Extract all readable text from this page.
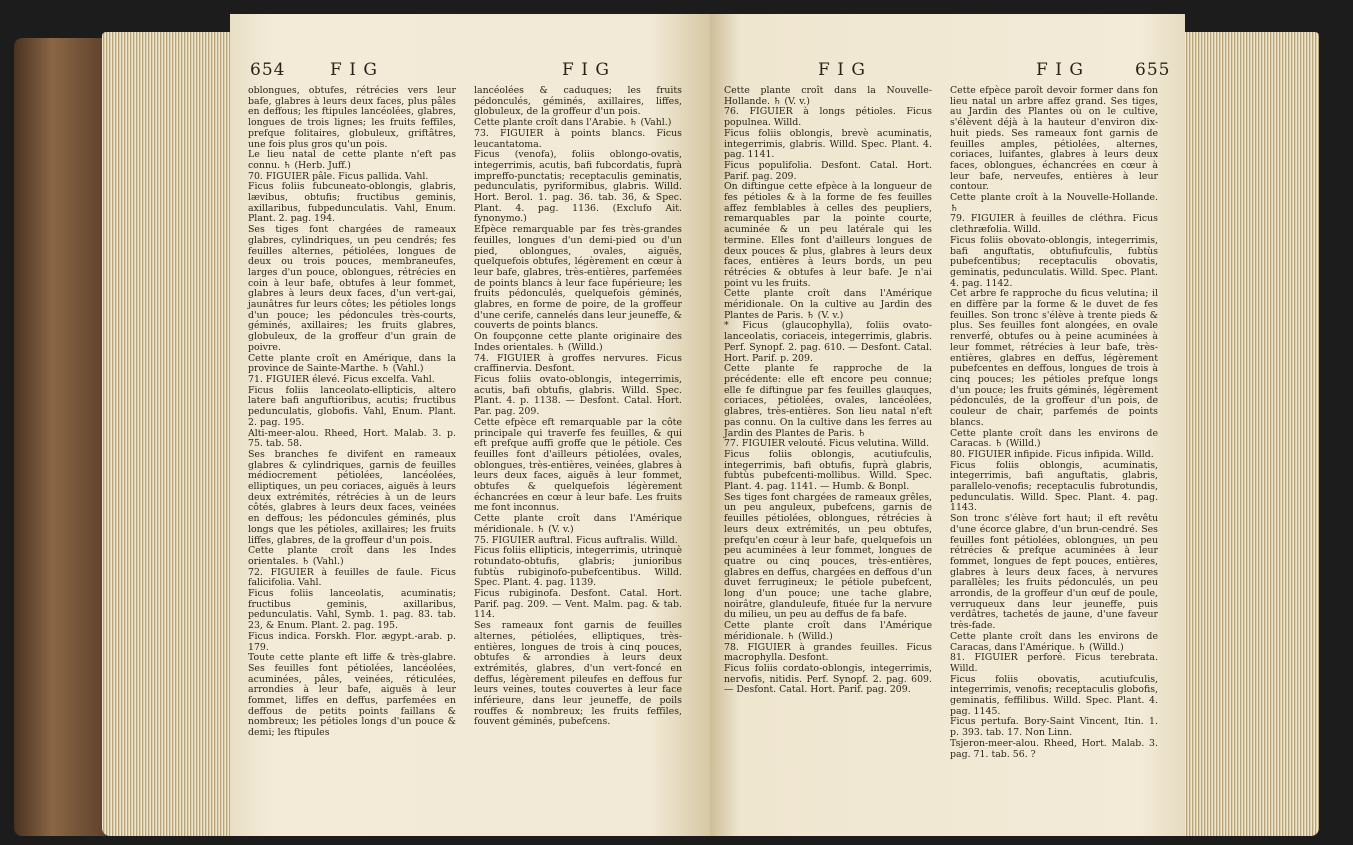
654	F I G	F I G
oblongues, obtufes, rétrécies vers leur bafe, glabres à leurs deux faces, plus pâles en deffous; les ftipules lancéolées, glabres, longues de trois lignes; les fruits feffiles, prefque folitaires, globuleux, griftâtres, une fois plus gros qu'un pois.
Le lieu natal de cette plante n'eft pas connu. ♄ (Herb. Juff.)
70. FIGUIER pâle. Ficus pallida. Vahl.
Ficus foliis fubcuneato-oblongis, glabris, lævibus, obtufis; fructibus geminis, axillaribus, fubpedunculatis. Vahl, Enum. Plant. 2. pag. 194.
Ses tiges font chargées de rameaux glabres, cylindriques, un peu cendrés; fes feuilles alternes, pétiolées, longues de deux ou trois pouces, membraneufes, larges d'un pouce, oblongues, rétrécies en coin à leur bafe, obtufes à leur fommet, glabres à leurs deux faces, d'un vert-gai, jaunâtres fur leurs côtes; les pétioles longs d'un pouce; les pédoncules très-courts, géminés, axillaires; les fruits glabres, globuleux, de la groffeur d'un grain de poivre.
Cette plante croît en Amérique, dans la province de Sainte-Marthe. ♄ (Vahl.)
71. FIGUIER élevé. Ficus excelfa. Vahl.
Ficus foliis lanceolato-ellipticis, altero latere bafi anguftioribus, acutis; fructibus pedunculatis, globofis. Vahl, Enum. Plant. 2. pag. 195.
Alti-meer-alou. Rheed, Hort. Malab. 3. p. 75. tab. 58.
Ses branches fe divifent en rameaux glabres & cylindriques, garnis de feuilles médiocrement pétiolées, lancéolées, elliptiques, un peu coriaces, aiguës à leurs deux extrémités, rétrécies à un de leurs côtés, glabres à leurs deux faces, veinées en deffous; les pédoncules géminés, plus longs que les pétioles, axillaires; les fruits liffes, glabres, de la groffeur d'un pois.
Cette plante croît dans les Indes orientales. ♄ (Vahl.)
72. FIGUIER à feuilles de faule. Ficus falicifolia. Vahl.
Ficus foliis lanceolatis, acuminatis; fructibus geminis, axillaribus, pedunculatis. Vahl, Symb. 1. pag. 83. tab. 23, & Enum. Plant. 2. pag. 195.
Ficus indica. Forskh. Flor. ægypt.-arab. p. 179.
Toute cette plante eft liffe & très-glabre. Ses feuilles font pétiolées, lancéolées, acuminées, pâles, veinées, réticulées, arrondies à leur bafe, aiguës à leur fommet, liffes en deffus, parfemées en deffous de petits points faillans & nombreux; les pétioles longs d'un pouce & demi; les ftipules
lancéolées & caduques; les fruits pédonculés, géminés, axillaires, liffes, globuleux, de la groffeur d'un pois.
Cette plante croît dans l'Arabie. ♄ (Vahl.)
73. FIGUIER à points blancs. Ficus leucantatoma.
Ficus (venofa), foliis oblongo-ovatis, integerrimis, acutis, bafi fubcordatis, fuprà impreffo-punctatis; receptaculis geminatis, pedunculatis, pyriformibus, glabris. Willd. Hort. Berol. 1. pag. 36. tab. 36, & Spec. Plant. 4. pag. 1136. (Exclufo Ait. fynonymo.)
Efpèce remarquable par fes très-grandes feuilles, longues d'un demi-pied ou d'un pied, oblongues, ovales, aiguës, quelquefois obtufes, légèrement en cœur à leur bafe, glabres, très-entières, parfemées de points blancs à leur face fupérieure; les fruits pédonculés, quelquefois géminés, glabres, en forme de poire, de la groffeur d'une cerife, cannelés dans leur jeuneffe, & couverts de points blancs.
On foupçonne cette plante originaire des Indes orientales. ♄ (Willd.)
74. FIGUIER à groffes nervures. Ficus craffinervia. Desfont.
Ficus foliis ovato-oblongis, integerrimis, acutis, bafi obtufis, glabris. Willd. Spec. Plant. 4. p. 1138. — Desfont. Catal. Hort. Par. pag. 209.
Cette efpèce eft remarquable par la côte principale qui traverfe fes feuilles, & qui eft prefque auffi groffe que le pétiole. Ces feuilles font d'ailleurs pétiolées, ovales, oblongues, très-entières, veinées, glabres à leurs deux faces, aiguës à leur fommet, obtufes & quelquefois légèrement échancrées en cœur à leur bafe. Les fruits me font inconnus.
Cette plante croît dans l'Amérique méridionale. ♄ (V. v.)
75. FIGUIER auftral. Ficus auftralis. Willd.
Ficus foliis ellipticis, integerrimis, utrinquè rotundato-obtufis, glabris; junioribus fubtùs rubiginofo-pubefcentibus. Willd. Spec. Plant. 4. pag. 1139.
Ficus rubiginofa. Desfont. Catal. Hort. Parif. pag. 209. — Vent. Malm. pag. & tab. 114.
Ses rameaux font garnis de feuilles alternes, pétiolées, elliptiques, très-entières, longues de trois à cinq pouces, obtufes & arrondies à leurs deux extrémités, glabres, d'un vert-foncé en deffus, légèrement pileufes en deffous fur leurs veines, toutes couvertes à leur face inférieure, dans leur jeuneffe, de poils rouffes & nombreux; les fruits feffiles, fouvent géminés, pubefcens.
F I G	F I G	655
Cette plante croît dans la Nouvelle-Hollande. ♄ (V. v.)
76. FIGUIER à longs pétioles. Ficus populnea. Willd.
Ficus foliis oblongis, brevè acuminatis, integerrimis, glabris. Willd. Spec. Plant. 4. pag. 1141.
Ficus populifolia. Desfont. Catal. Hort. Parif. pag. 209.
On diftingue cette efpèce à la longueur de fes pétioles & à la forme de fes feuilles affez femblables à celles des peupliers, remarquables par la pointe courte, acuminée & un peu latérale qui les termine. Elles font d'ailleurs longues de deux pouces & plus, glabres à leurs deux faces, entières à leurs bords, un peu rétrécies & obtufes à leur bafe. Je n'ai point vu les fruits.
Cette plante croît dans l'Amérique méridionale. On la cultive au Jardin des Plantes de Paris. ♄ (V. v.)
* Ficus (glaucophylla), foliis ovato-lanceolatis, coriaceis, integerrimis, glabris. Perf. Synopf. 2. pag. 610. — Desfont. Catal. Hort. Parif. p. 209.
Cette plante fe rapproche de la précédente: elle eft encore peu connue; elle fe diftingue par fes feuilles glauques, coriaces, pétiolées, ovales, lancéolées, glabres, très-entières. Son lieu natal n'eft pas connu. On la cultive dans les ferres au Jardin des Plantes de Paris. ♄
77. FIGUIER velouté. Ficus velutina. Willd.
Ficus foliis oblongis, acutiufculis, integerrimis, bafi obtufis, fuprà glabris, fubtùs pubefcenti-mollibus. Willd. Spec. Plant. 4. pag. 1141. — Humb. & Bonpl.
Ses tiges font chargées de rameaux grêles, un peu anguleux, pubefcens, garnis de feuilles pétiolées, oblongues, rétrécies à leurs deux extrémités, un peu obtufes, prefqu'en cœur à leur bafe, quelquefois un peu acuminées à leur fommet, longues de quatre ou cinq pouces, très-entières, glabres en deffus, chargées en deffous d'un duvet ferrugineux; le pétiole pubefcent, long d'un pouce; une tache glabre, noirâtre, glanduleufe, fituée fur la nervure du milieu, un peu au deffus de fa bafe.
Cette plante croît dans l'Amérique méridionale. ♄ (Willd.)
78. FIGUIER à grandes feuilles. Ficus macrophylla. Desfont.
Ficus foliis cordato-oblongis, integerrimis, nervofis, nitidis. Perf. Synopf. 2. pag. 609. — Desfont. Catal. Hort. Parif. pag. 209.
Cette efpèce paroît devoir former dans fon lieu natal un arbre affez grand. Ses tiges, au Jardin des Plantes où on le cultive, s'élèvent déjà à la hauteur d'environ dix-huit pieds. Ses rameaux font garnis de feuilles amples, pétiolées, alternes, coriaces, luifantes, glabres à leurs deux faces, oblongues, échancrées en cœur à leur bafe, nerveufes, entières à leur contour.
Cette plante croît à la Nouvelle-Hollande. ♄
79. FIGUIER à feuilles de cléthra. Ficus clethræfolia. Willd.
Ficus foliis obovato-oblongis, integerrimis, bafi anguftatis, obtufiufculis, fubtùs pubefcentibus; receptaculis obovatis, geminatis, pedunculatis. Willd. Spec. Plant. 4. pag. 1142.
Cet arbre fe rapproche du ficus velutina; il en diffère par la forme & le duvet de fes feuilles. Son tronc s'élève à trente pieds & plus. Ses feuilles font alongées, en ovale renverfé, obtufes ou à peine acuminées à leur fommet, rétrécies à leur bafe, très-entières, glabres en deffus, légèrement pubefcentes en deffous, longues de trois à cinq pouces; les pétioles prefque longs d'un pouce; les fruits géminés, légèrement pédonculés, de la groffeur d'un pois, de couleur de chair, parfemés de points blancs.
Cette plante croît dans les environs de Caracas. ♄ (Willd.)
80. FIGUIER infipide. Ficus infipida. Willd.
Ficus foliis oblongis, acuminatis, integerrimis, bafi anguftatis, glabris, parallelo-venofis; receptaculis fubrotundis, pedunculatis. Willd. Spec. Plant. 4. pag. 1143.
Son tronc s'élève fort haut; il eft revêtu d'une écorce glabre, d'un brun-cendré. Ses feuilles font pétiolées, oblongues, un peu rétrécies & prefque acuminées à leur fommet, longues de fept pouces, entières, glabres à leurs deux faces, à nervures parallèles; les fruits pédonculés, un peu arrondis, de la groffeur d'un œuf de poule, verruqueux dans leur jeuneffe, puis verdâtres, tachetés de jaune, d'une faveur très-fade.
Cette plante croît dans les environs de Caracas, dans l'Amérique. ♄ (Willd.)
81. FIGUIER perforé. Ficus terebrata. Willd.
Ficus foliis obovatis, acutiufculis, integerrimis, venofis; receptaculis globofis, geminatis, feffilibus. Willd. Spec. Plant. 4. pag. 1145.
Ficus pertufa. Bory-Saint Vincent, Itin. 1. p. 393. tab. 17. Non Linn.
Tsjeron-meer-alou. Rheed, Hort. Malab. 3. pag. 71. tab. 56. ?
